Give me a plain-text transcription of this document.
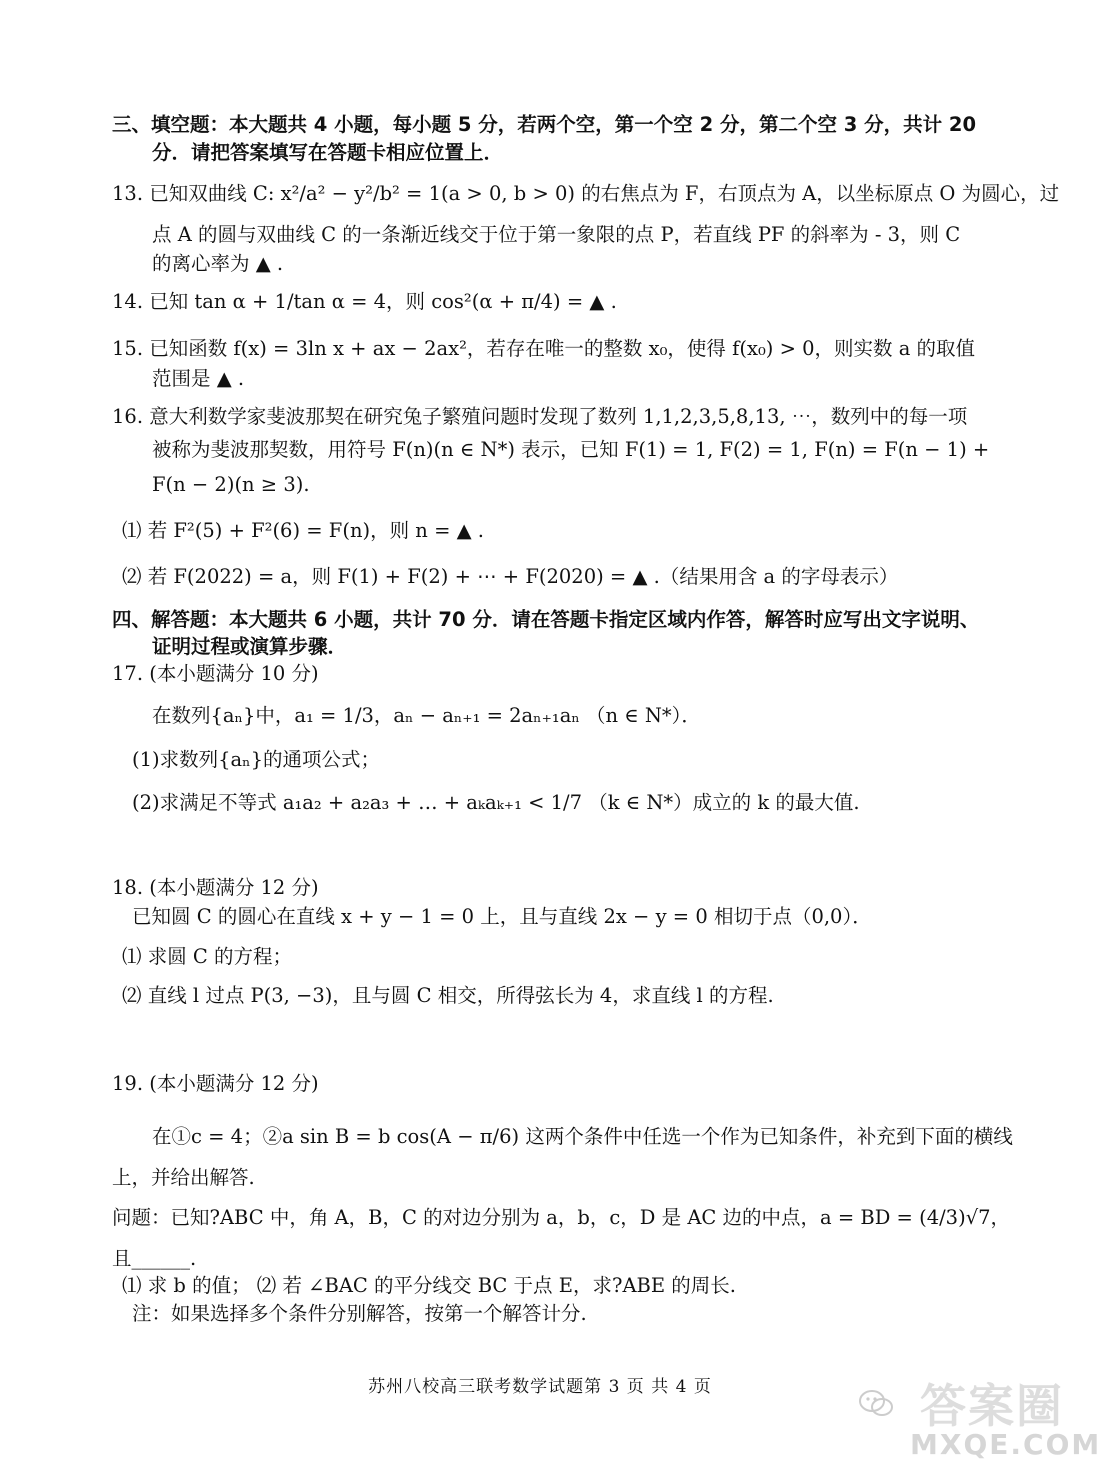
三、填空题：本大题共 4 小题，每小题 5 分，若两个空，第一个空 2 分，第二个空 3 分，共计 20
分．请把答案填写在答题卡相应位置上．
13. 已知双曲线 C: x²/a² − y²/b² = 1(a > 0, b > 0) 的右焦点为 F，右顶点为 A，以坐标原点 O 为圆心，过
点 A 的圆与双曲线 C 的一条渐近线交于位于第一象限的点 P，若直线 PF 的斜率为 - 3，则 C
的离心率为 ▲ .
14. 已知 tan α + 1/tan α = 4，则 cos²(α + π/4) = ▲ .
15. 已知函数 f(x) = 3ln x + ax − 2ax²，若存在唯一的整数 x₀，使得 f(x₀) > 0，则实数 a 的取值
范围是 ▲ .
16. 意大利数学家斐波那契在研究兔子繁殖问题时发现了数列 1,1,2,3,5,8,13, ⋯，数列中的每一项
被称为斐波那契数，用符号 F(n)(n ∈ N*) 表示，已知 F(1) = 1, F(2) = 1, F(n) = F(n − 1) +
F(n − 2)(n ≥ 3).
⑴ 若 F²(5) + F²(6) = F(n)，则 n = ▲ .
⑵ 若 F(2022) = a，则 F(1) + F(2) + ⋯ + F(2020) = ▲ .（结果用含 a 的字母表示）
四、解答题：本大题共 6 小题，共计 70 分．请在答题卡指定区域内作答，解答时应写出文字说明、
证明过程或演算步骤．
17. (本小题满分 10 分)
在数列{aₙ}中，a₁ = 1/3，aₙ − aₙ₊₁ = 2aₙ₊₁aₙ （n ∈ N*）．
(1)求数列{aₙ}的通项公式；
(2)求满足不等式 a₁a₂ + a₂a₃ + … + aₖaₖ₊₁ < 1/7 （k ∈ N*）成立的 k 的最大值.
18. (本小题满分 12 分)
已知圆 C 的圆心在直线 x + y − 1 = 0 上，且与直线 2x − y = 0 相切于点（0,0）．
⑴ 求圆 C 的方程；
⑵ 直线 l 过点 P(3, −3)，且与圆 C 相交，所得弦长为 4，求直线 l 的方程.
19. (本小题满分 12 分)
在①c = 4；②a sin B = b cos(A − π/6) 这两个条件中任选一个作为已知条件，补充到下面的横线
上，并给出解答.
问题：已知?ABC 中，角 A，B，C 的对边分别为 a，b，c，D 是 AC 边的中点，a = BD = (4/3)√7，
且______.
⑴ 求 b 的值； ⑵ 若 ∠BAC 的平分线交 BC 于点 E，求?ABE 的周长.
注：如果选择多个条件分别解答，按第一个解答计分.
苏州八校高三联考数学试题第 3 页 共 4 页	答案圈
MXQE.COM
